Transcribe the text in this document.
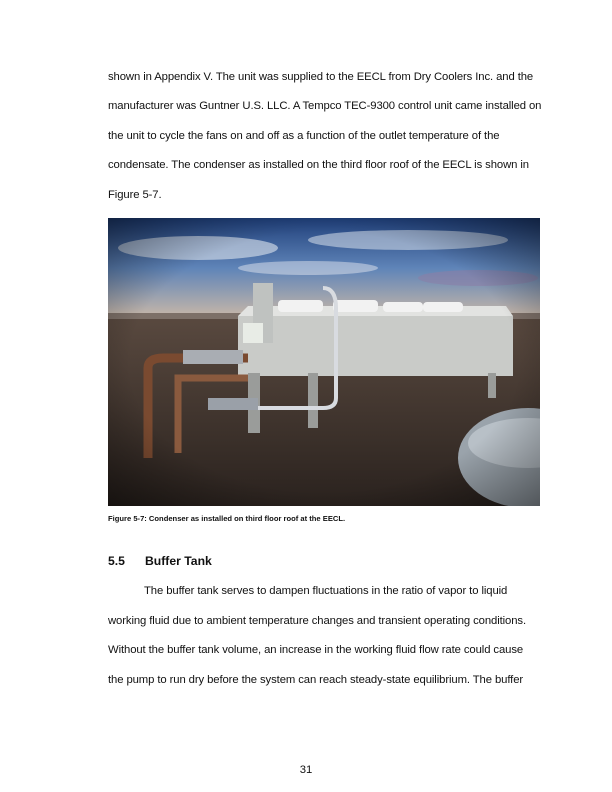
shown in Appendix V. The unit was supplied to the EECL from Dry Coolers Inc. and the
manufacturer was Guntner U.S. LLC. A Tempco TEC-9300 control unit came installed on
the unit to cycle the fans on and off as a function of the outlet temperature of the
condensate. The condenser as installed on the third floor roof of the EECL is shown in
Figure 5-7.
Figure 5-7: Condenser as installed on third floor roof at the EECL.
5.5 Buffer Tank
The buffer tank serves to dampen fluctuations in the ratio of vapor to liquid
working fluid due to ambient temperature changes and transient operating conditions.
Without the buffer tank volume, an increase in the working fluid flow rate could cause
the pump to run dry before the system can reach steady-state equilibrium. The buffer
31
